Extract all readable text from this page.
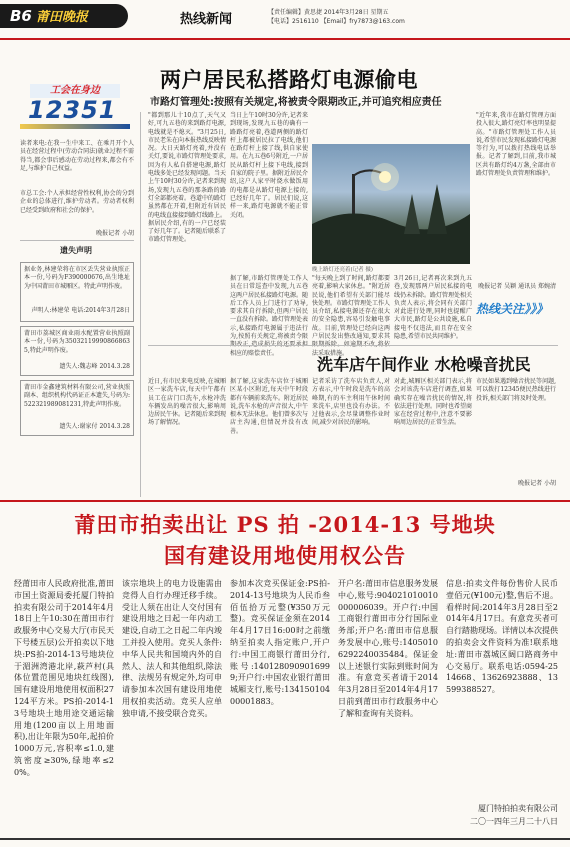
B6 莆田晚报	热线新闻	【责任编辑】黄思捷 2014年3月28日 星期五
【电话】2516110 【Email】fry7873@163.com
工会在身边
12351
两户居民私搭路灯电源偷电
市路灯管理处:按照有关规定,将被责令限期改正,并可追究相应责任
读者来电:在我一生中来工、在乘月开个人员在经营过程中(劳动合同法)就业过程不需得当,都会事后感动在劳动过程来,都会有不足,与维护自己权益。
市总工会:个人承担经营性权利,协会的分到企业的总体进行,维护劳动者。劳动者权利已经受到政府和社会的保护。
晚报记者 小胡
遗失声明
据业务,林建荣将在市区丢失营业执照正本一份,号码为F390000676,出生地址为中国莆田市城厢区。特此声明作废。
声明人:林建荣 电话:2014年3月28日
莆田市荔城区商业雨水配置营业执照副本一份,号码为350321199908668635,特此声明作废。
遗失人:魏志峰 2014.3.28
莆田市金鑫建筑材料有限公司,营业执照副本、组织机构代码证正本遗失,号码为:522321989081231,特此声明作废。
遗失人:谢家付 2014.3.28
"都到那儿十10点了,天气又好,可九五巷的来到路灯电源,电线就是不熄灭。"3月25日,市民老朱在向本报热线反映情况。大日天路灯亮着,并没有关灯,要说,市路灯管理处要求,因为有人私自搭建电源,路灯电线多处已经发现问题。当天上午10时30分许,记者来到现场,发现九五巷的那条路的路灯全部都亮着。巷道中的路灯虽然都在开着,但附近有居民的电线直接接到路灯线路上。据居民介绍,有的一户已经装了好几年了。记者随后联系了市路灯管理处。
当日上午10时30分许,记者来到现场,发现九五巷的确有一路路灯亮着,巷道两侧的路灯杆上都被居民拉了电线,他们在路灯杆上接了线,供自家使用。在九五巷6号附近,一户居民从路灯杆上接下电线,接到自家的院子里。据附近居民介绍,这户人家平时烧水做饭用的电都是从路灯电源上接的,已经好几年了。居民们说,这样一来,路灯电源就不能正常关闭。
晚上路灯还亮着(记者 摄)
"近年来,我市在路灯管理方面投入很大,路灯亮灯率也明显提高。"市路灯管理处工作人员说,希望市民发现私接路灯电源等行为,可以拨打热线电话举报。记者了解到,目前,我市城区共有路灯约4万盏,全部由市路灯管理处负责管理和维护。
晚报记者 吴颖 通讯员 郑婉清
热线关注》》》
据了解,市路灯管理处工作人员在日常巡查中发现,九五巷这两户居民私接路灯电源。随后工作人员上门进行了劝导,要求其自行拆除,但两户居民一直没有拆除。路灯管理处表示,私接路灯电源属于违法行为,按照有关规定,将被责令限 相应的赔偿责任。
"每天晚上到了时间,路灯都要亮着,影响大家休息。"附近居民说,他们希望有关部门能尽快处理。市路灯管理处工作人员介绍,私接电源还存在很大的安全隐患,容易引发触电事故。目前,管理处已经向这两户居民发出整改通知,要求其 法采取措施。
3月26日,记者再次来到九五巷,发现那两户居民私接的电线仍未拆除。路灯管理处相关负责人表示,将会同有关部门对此进行处理,同时也提醒广大市民,路灯是公共设施,私自接电不仅违法,而且存在安全隐患,希望市民共同维护。
洗车店午间作业 水枪噪音扰民
近日,有市民来电反映,在城厢区一家洗车店,每天中午都有员工在店门口洗车,水枪冲洗车辆发出的噪音很大,影响周边居民午休。记者随后来到现场了解情况。
据了解,这家洗车店位于城厢区某小区附近,每天中午时段都有车辆前来洗车。附近居民说,洗车水枪的声音很大,中午根本无法休息。他们曾多次与店主沟通,但情况并没有改善。
记者采访了洗车店负责人,对方表示,中午时段是洗车的高峰期,有的车主利用午休时间来洗车,店里也没有办法。不过他表示,会尽量调整作业时间,减少对居民的影响。
对此,城厢区相关部门表示,将会对该洗车店进行调查,如果确实存在噪音扰民的情况,将依法进行处理。同时也希望商家在经营过程中,注意不要影响周边居民的正常生活。
市民如果遇到噪音扰民等问题,可以拨打12345便民热线进行投诉,相关部门将及时处理。
晚报记者 小胡
莆田市拍卖出让 PS 拍 -2014-13 号地块
国有建设用地使用权公告
经莆田市人民政府批准,莆田市国土资源局委托厦门特拍拍卖有限公司于2014年4月18日上午10:30在莆田市行政服务中心交易大厅(市民天下号楼五层)公开拍卖以下地块:PS拍-2014-13号地块位于湄洲湾港北岸,萩芦村(具体位置范围见地块红线图),国有建设用地使用权面积27124平方米。PS拍-2014-13号地块土地用途交通运输用地(1200亩以上用地面积),出让年限为50年,起拍价1000万元,容积率≤1.0,建筑密度≥30%,绿地率≤20%。
该宗地块上的电力设施需由竞得人自行办理迁移手续。受让人须在出让人交付国有建设用地之日起一年内动工建设,自动工之日起二年内竣工并投入使用。竞买人条件:中华人民共和国境内外的自然人、法人和其他组织,除法律、法规另有规定外,均可申请参加本次国有建设用地使用权拍卖活动。竞买人应单独申请,不接受联合竞买。
参加本次竞买保证金:PS拍-2014-13号地块为人民币叁佰伍拾万元整(¥350万元整)。竞买保证金须在2014年4月17日16:00时之前缴纳至拍卖人指定账户,开户行:中国工商银行莆田分行,账号:1401280909016999;开户行:中国农业银行莆田城厢支行,账号:13415010400001883。
开户名:莆田市信息服务发展中心,账号:904021010010000006039。开户行:中国工商银行莆田市分行国际业务部;开户名:莆田市信息服务发展中心,账号:14050106292240035484。保证金以上述银行实际到账时间为准。有意竞买者请于2014年3月28日至2014年4月17日前到莆田市行政服务中心了解和查询有关资料。
信息:拍卖文件每份售价人民币壹佰元(¥100元)整,售后不退。看样时间:2014年3月28日至2014年4月17日。有意竞买者可自行踏勘现场。详情以本次提供的拍卖会文件资料为准!联系地址:莆田市荔城区阔口路商务中心交易厅。联系电话:0594-2514668、13626923888、13599388527。
厦门特拍拍卖有限公司
二〇一四年三月二十八日
